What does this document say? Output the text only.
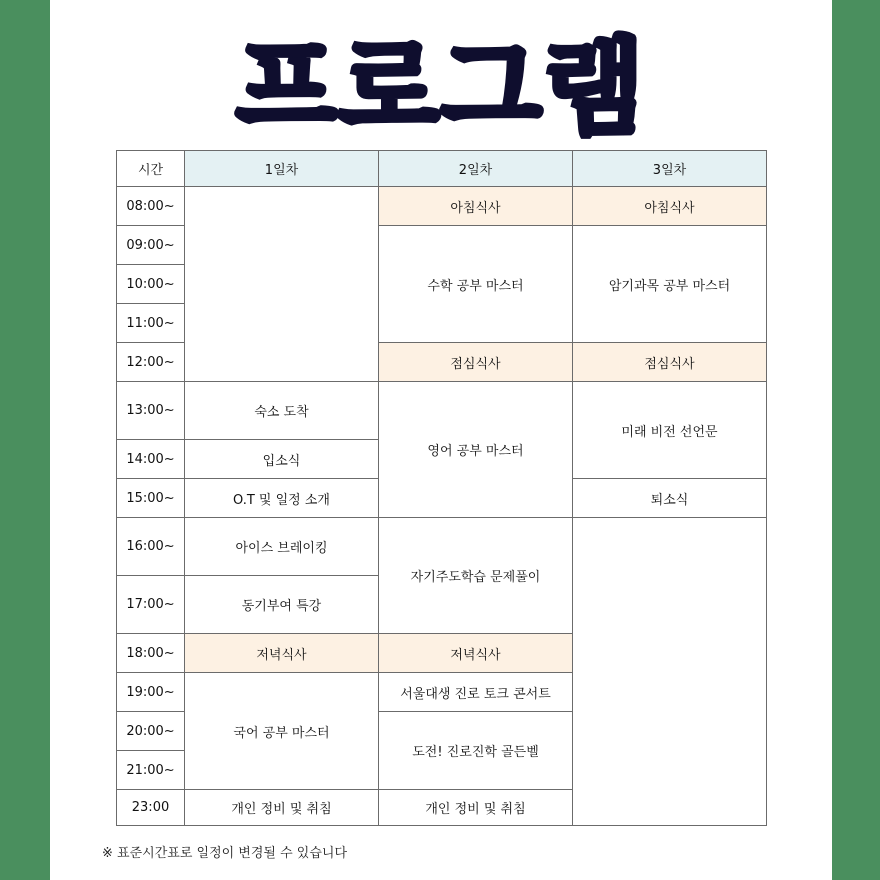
프로그램
시간	1일차	2일차	3일차
08:00~		아침식사	아침식사
09:00~		수학 공부 마스터	암기과목 공부 마스터
10:00~			
11:00~			
12:00~		점심식사	점심식사
13:00~	숙소 도착	영어 공부 마스터	미래 비전 선언문
14:00~	입소식		
15:00~	O.T 및 일정 소개		퇴소식
16:00~	아이스 브레이킹	자기주도학습 문제풀이	
17:00~	동기부여 특강		
18:00~	저녁식사	저녁식사	
19:00~	국어 공부 마스터	서울대생 진로 토크 콘서트	
20:00~		도전! 진로진학 골든벨	
21:00~			
23:00	개인 정비 및 취침	개인 정비 및 취침	
※ 표준시간표로 일정이 변경될 수 있습니다
